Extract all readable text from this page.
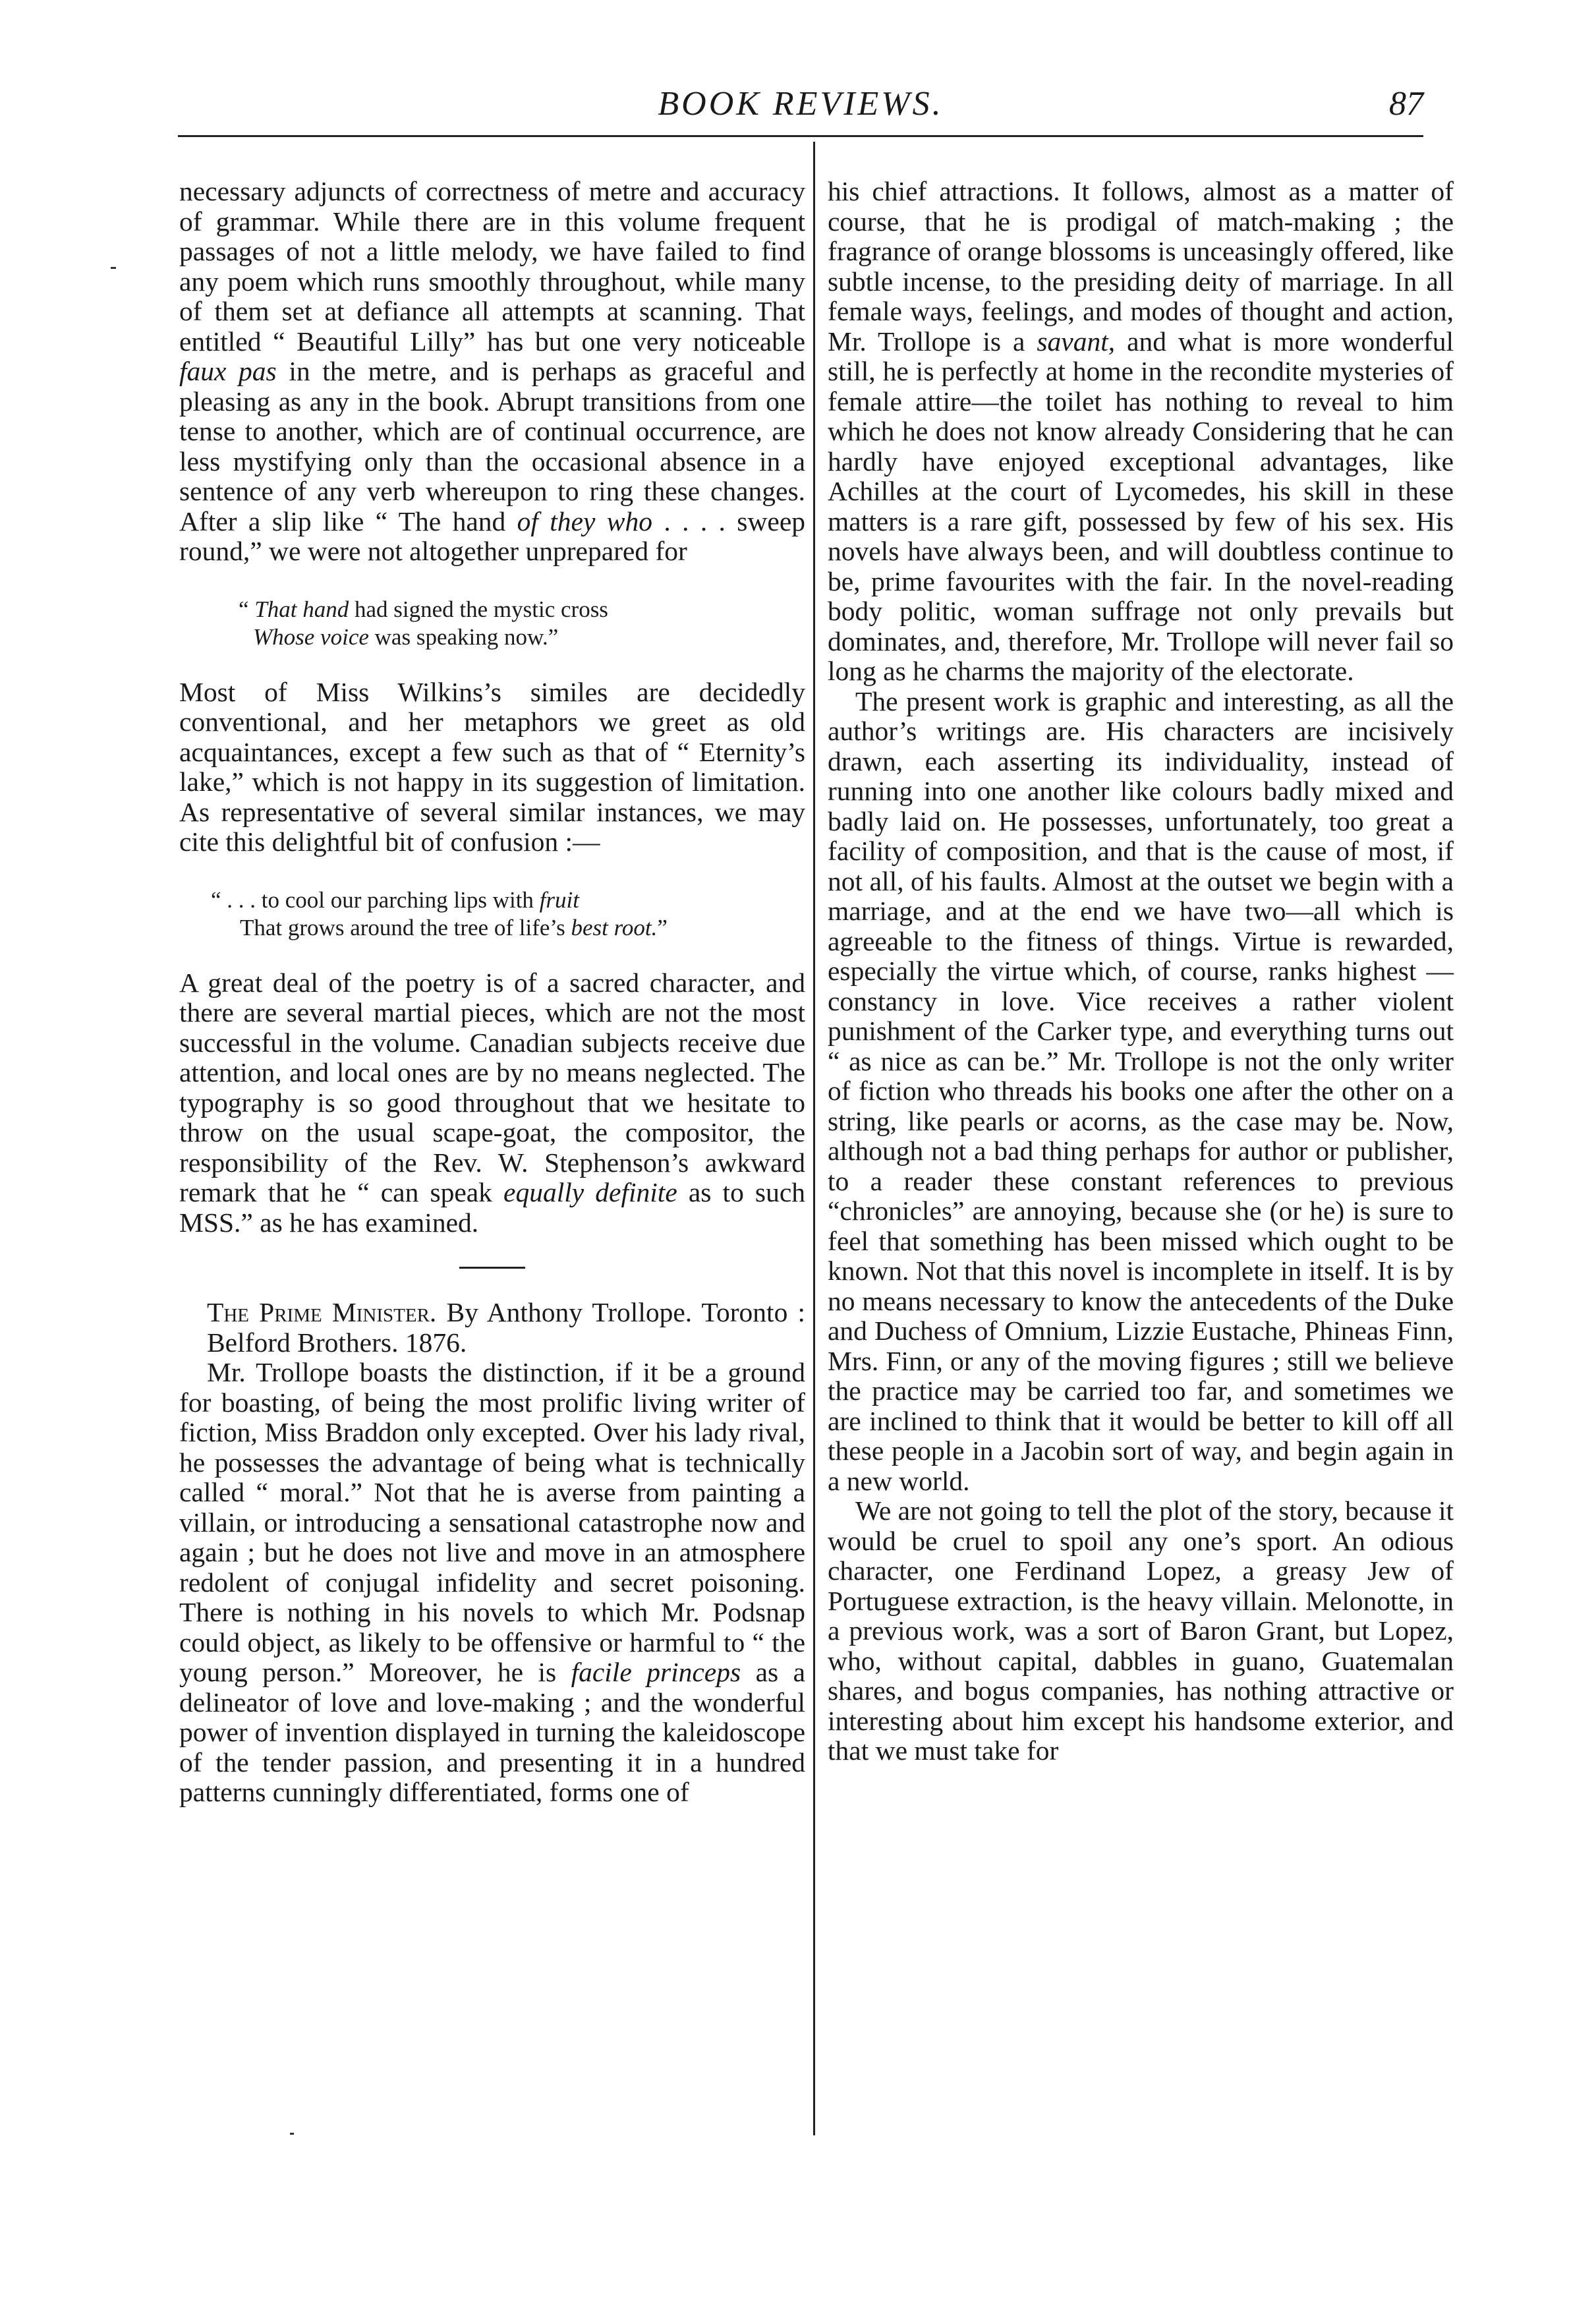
BOOK REVIEWS.	87

necessary adjuncts of correctness of metre and accuracy of grammar. While there are in this volume frequent passages of not a little melody, we have failed to find any poem which runs smoothly throughout, while many of them set at defiance all attempts at scanning. That entitled “ Beautiful Lilly” has but one very noticeable faux pas in the metre, and is perhaps as graceful and pleasing as any in the book. Abrupt transitions from one tense to another, which are of continual occurrence, are less mystifying only than the occasional absence in a sentence of any verb whereupon to ring these changes. After a slip like “ The hand of they who . . . . sweep round,” we were not altogether unprepared for

“ That hand had signed the mystic cross
Whose voice was speaking now.”

Most of Miss Wilkins’s similes are decidedly conventional, and her metaphors we greet as old acquaintances, except a few such as that of “ Eternity’s lake,” which is not happy in its suggestion of limitation. As representative of several similar instances, we may cite this delightful bit of confusion :—

“ . . . to cool our parching lips with fruit
That grows around the tree of life’s best root.”

A great deal of the poetry is of a sacred character, and there are several martial pieces, which are not the most successful in the volume. Canadian subjects receive due attention, and local ones are by no means neglected. The typography is so good throughout that we hesitate to throw on the usual scape-goat, the compositor, the responsibility of the Rev. W. Stephenson’s awkward remark that he “ can speak equally definite as to such MSS.” as he has examined.

The Prime Minister. By Anthony Trollope. Toronto : Belford Brothers. 1876.

Mr. Trollope boasts the distinction, if it be a ground for boasting, of being the most prolific living writer of fiction, Miss Braddon only excepted. Over his lady rival, he possesses the advantage of being what is technically called “ moral.” Not that he is averse from painting a villain, or introducing a sensational catastrophe now and again ; but he does not live and move in an atmosphere redolent of conjugal infidelity and secret poisoning. There is nothing in his novels to which Mr. Podsnap could object, as likely to be offensive or harmful to “ the young person.” Moreover, he is facile princeps as a delineator of love and love-making ; and the wonderful power of invention displayed in turning the kaleidoscope of the tender passion, and presenting it in a hundred patterns cunningly differentiated, forms one of

his chief attractions. It follows, almost as a matter of course, that he is prodigal of match-making ; the fragrance of orange blossoms is unceasingly offered, like subtle incense, to the presiding deity of marriage. In all female ways, feelings, and modes of thought and action, Mr. Trollope is a savant, and what is more wonderful still, he is perfectly at home in the recondite mysteries of female attire—the toilet has nothing to reveal to him which he does not know already Considering that he can hardly have enjoyed exceptional advantages, like Achilles at the court of Lycomedes, his skill in these matters is a rare gift, possessed by few of his sex. His novels have always been, and will doubtless continue to be, prime favourites with the fair. In the novel-reading body politic, woman suffrage not only prevails but dominates, and, therefore, Mr. Trollope will never fail so long as he charms the majority of the electorate.

The present work is graphic and interesting, as all the author’s writings are. His characters are incisively drawn, each asserting its individuality, instead of running into one another like colours badly mixed and badly laid on. He possesses, unfortunately, too great a facility of composition, and that is the cause of most, if not all, of his faults. Almost at the outset we begin with a marriage, and at the end we have two—all which is agreeable to the fitness of things. Virtue is rewarded, especially the virtue which, of course, ranks highest —constancy in love. Vice receives a rather violent punishment of the Carker type, and everything turns out “ as nice as can be.” Mr. Trollope is not the only writer of fiction who threads his books one after the other on a string, like pearls or acorns, as the case may be. Now, although not a bad thing perhaps for author or publisher, to a reader these constant references to previous “chronicles” are annoying, because she (or he) is sure to feel that something has been missed which ought to be known. Not that this novel is incomplete in itself. It is by no means necessary to know the antecedents of the Duke and Duchess of Omnium, Lizzie Eustache, Phineas Finn, Mrs. Finn, or any of the moving figures ; still we believe the practice may be carried too far, and sometimes we are inclined to think that it would be better to kill off all these people in a Jacobin sort of way, and begin again in a new world.

We are not going to tell the plot of the story, because it would be cruel to spoil any one’s sport. An odious character, one Ferdinand Lopez, a greasy Jew of Portuguese extraction, is the heavy villain. Melonotte, in a previous work, was a sort of Baron Grant, but Lopez, who, without capital, dabbles in guano, Guatemalan shares, and bogus companies, has nothing attractive or interesting about him except his handsome exterior, and that we must take for
